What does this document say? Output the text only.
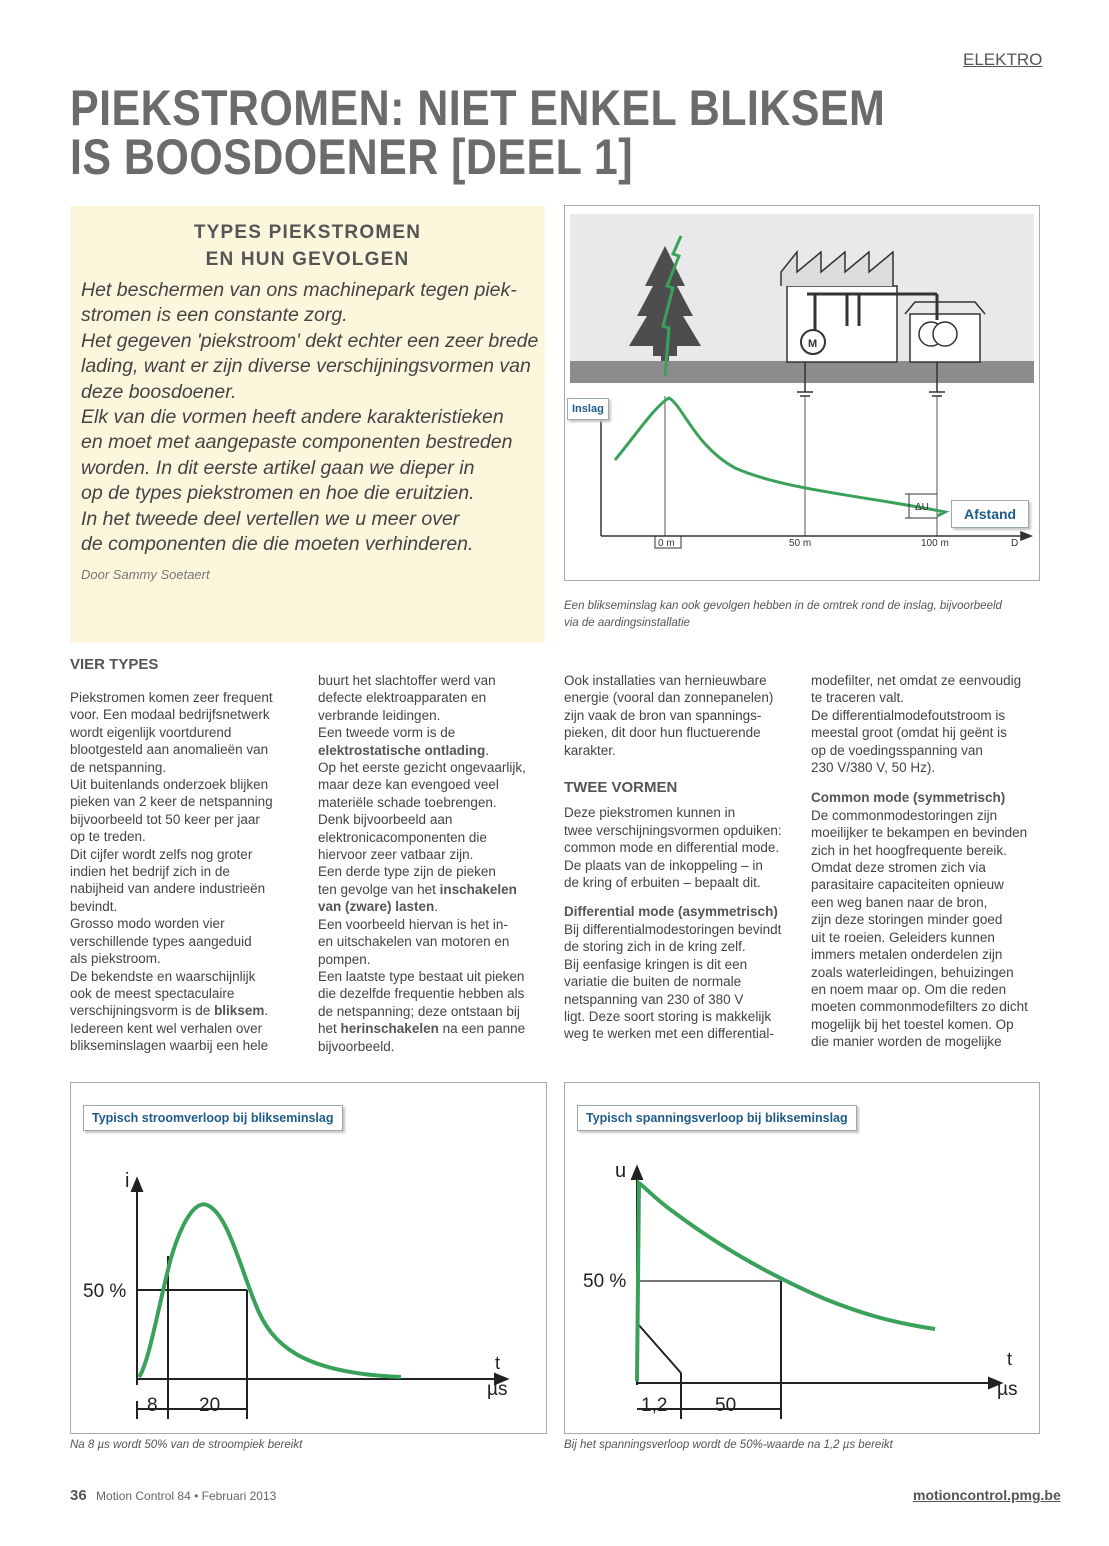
ELEKTRO
PIEKSTROMEN: NIET ENKEL BLIKSEM
IS BOOSDOENER [DEEL 1]
TYPES PIEKSTROMEN
EN HUN GEVOLGEN
Het beschermen van ons machinepark tegen piek-
stromen is een constante zorg.
Het gegeven 'piekstroom' dekt echter een zeer brede
lading, want er zijn diverse verschijningsvormen van
deze boosdoener.
Elk van die vormen heeft andere karakteristieken
en moet met aangepaste componenten bestreden
worden. In dit eerste artikel gaan we dieper in
op de types piekstromen en hoe die eruitzien.
In het tweede deel vertellen we u meer over
de componenten die die moeten verhinderen.
Door Sammy Soetaert
M
ΔU
0 m	50 m	100 m	D
Inslag
Afstand
Een blikseminslag kan ook gevolgen hebben in de omtrek rond de inslag, bijvoorbeeld
via de aardingsinstallatie
VIER TYPES
Piekstromen komen zeer frequent
voor. Een modaal bedrijfsnetwerk
wordt eigenlijk voortdurend
blootgesteld aan anomalieën van
de netspanning.
Uit buitenlands onderzoek blijken
pieken van 2 keer de netspanning
bijvoorbeeld tot 50 keer per jaar
op te treden.
Dit cijfer wordt zelfs nog groter
indien het bedrijf zich in de
nabijheid van andere industrieën
bevindt.
Grosso modo worden vier
verschillende types aangeduid
als piekstroom.
De bekendste en waarschijnlijk
ook de meest spectaculaire
verschijningsvorm is de bliksem.
Iedereen kent wel verhalen over
blikseminslagen waarbij een hele
buurt het slachtoffer werd van
defecte elektroapparaten en
verbrande leidingen.
Een tweede vorm is de
elektrostatische ontlading.
Op het eerste gezicht ongevaarlijk,
maar deze kan evengoed veel
materiële schade toebrengen.
Denk bijvoorbeeld aan
elektronicacomponenten die
hiervoor zeer vatbaar zijn.
Een derde type zijn de pieken
ten gevolge van het inschakelen
van (zware) lasten.
Een voorbeeld hiervan is het in-
en uitschakelen van motoren en
pompen.
Een laatste type bestaat uit pieken
die dezelfde frequentie hebben als
de netspanning; deze ontstaan bij
het herinschakelen na een panne
bijvoorbeeld.
Ook installaties van hernieuwbare
energie (vooral dan zonnepanelen)
zijn vaak de bron van spannings-
pieken, dit door hun fluctuerende
karakter.
TWEE VORMEN
Deze piekstromen kunnen in
twee verschijningsvormen opduiken:
common mode en differential mode.
De plaats van de inkoppeling – in
de kring of erbuiten – bepaalt dit.
Differential mode (asymmetrisch)
Bij differentialmodestoringen bevindt
de storing zich in de kring zelf.
Bij eenfasige kringen is dit een
variatie die buiten de normale
netspanning van 230 of 380 V
ligt. Deze soort storing is makkelijk
weg te werken met een differential-
modefilter, net omdat ze eenvoudig
te traceren valt.
De differentialmodefoutstroom is
meestal groot (omdat hij geënt is
op de voedingsspanning van
230 V/380 V, 50 Hz).
Common mode (symmetrisch)
De commonmodestoringen zijn
moeilijker te bekampen en bevinden
zich in het hoogfrequente bereik.
Omdat deze stromen zich via
parasitaire capaciteiten opnieuw
een weg banen naar de bron,
zijn deze storingen minder goed
uit te roeien. Geleiders kunnen
immers metalen onderdelen zijn
zoals waterleidingen, behuizingen
en noem maar op. Om die reden
moeten commonmodefilters zo dicht
mogelijk bij het toestel komen. Op
die manier worden de mogelijke
Typisch stroomverloop bij blikseminslag
i
50 %
t
µs
8 20
Na 8 µs wordt 50% van de stroompiek bereikt
Typisch spanningsverloop bij blikseminslag
u
50 %
t
µs
1,2	50
Bij het spanningsverloop wordt de 50%-waarde na 1,2 µs bereikt
36 Motion Control 84 • Februari 2013	motioncontrol.pmg.be
